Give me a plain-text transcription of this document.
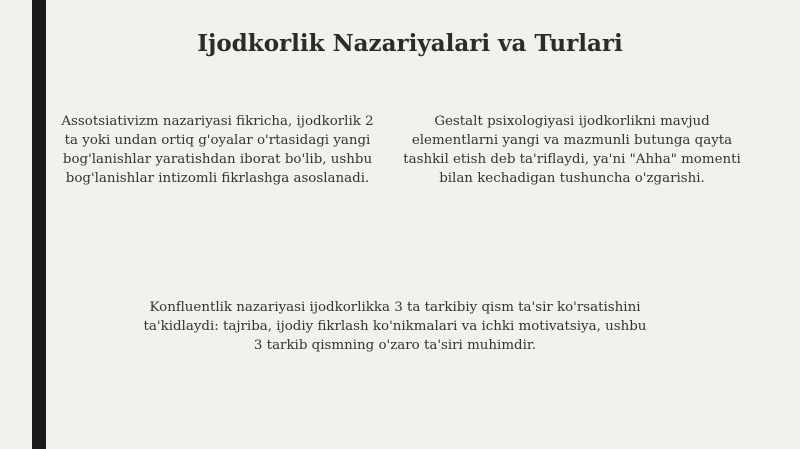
Ijodkorlik Nazariyalari va Turlari

Assotsiativizm nazariyasi fikricha, ijodkorlik 2 ta yoki undan ortiq g'oyalar o'rtasidagi yangi bog'lanishlar yaratishdan iborat bo'lib, ushbu bog'lanishlar intizomli fikrlashga asoslanadi.

Gestalt psixologiyasi ijodkorlikni mavjud elementlarni yangi va mazmunli butunga qayta tashkil etish deb ta'riflaydi, ya'ni "Ahha" momenti bilan kechadigan tushuncha o'zgarishi.

Konfluentlik nazariyasi ijodkorlikka 3 ta tarkibiy qism ta'sir ko'rsatishini ta'kidlaydi: tajriba, ijodiy fikrlash ko'nikmalari va ichki motivatsiya, ushbu 3 tarkib qismning o'zaro ta'siri muhimdir.
